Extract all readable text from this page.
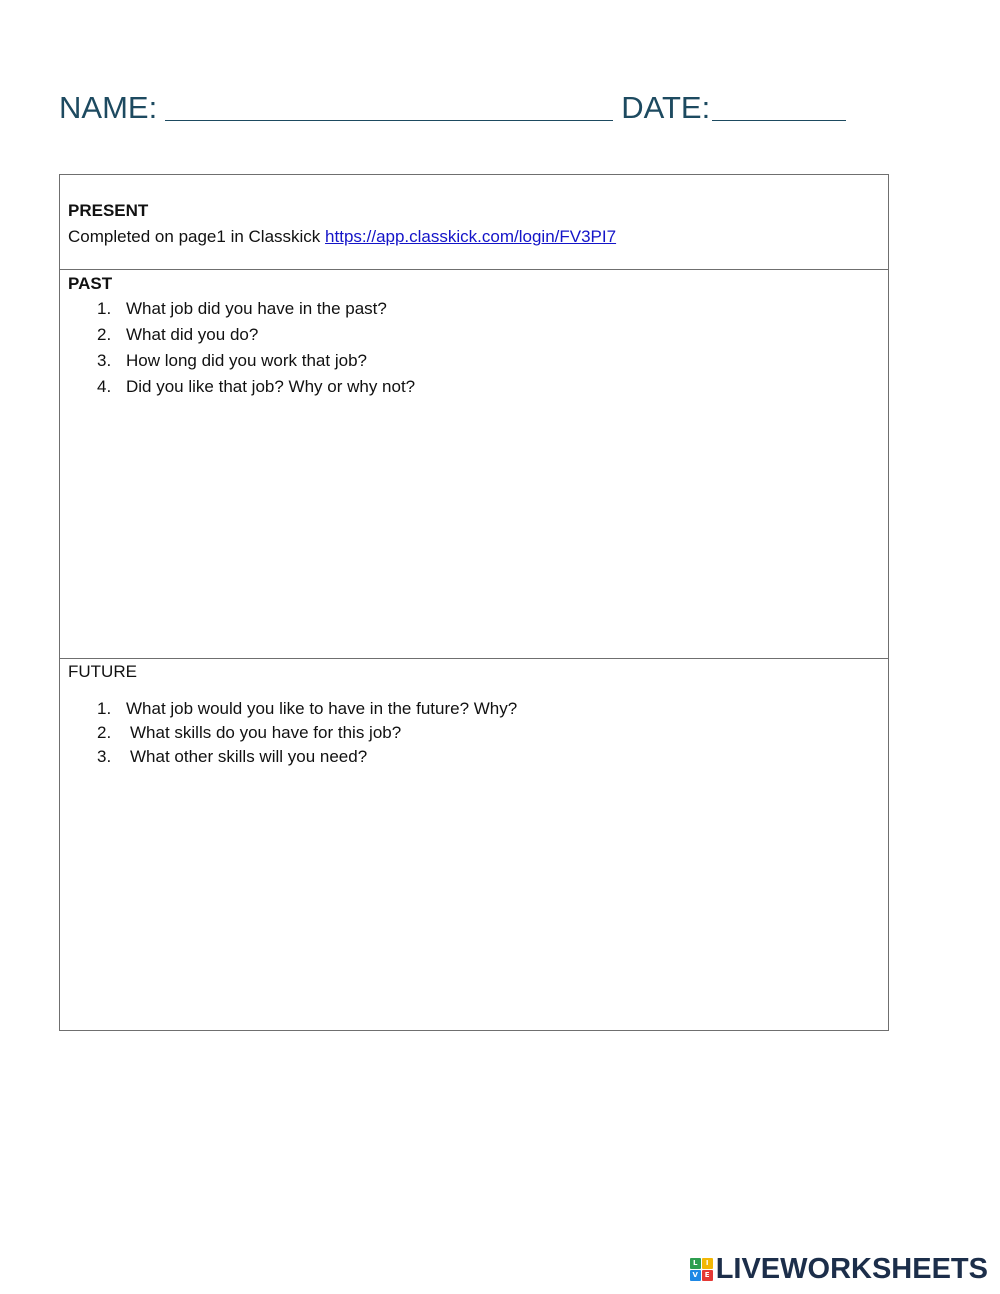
NAME:	DATE:
PRESENT
Completed on page1 in Classkick https://app.classkick.com/login/FV3PI7
PAST
1. What job did you have in the past?
2. What did you do?
3. How long did you work that job?
4. Did you like that job? Why or why not?
FUTURE
1. What job would you like to have in the future? Why?
2. What skills do you have for this job?
3. What other skills will you need?
L	I
V E LIVEWORKSHEETS
